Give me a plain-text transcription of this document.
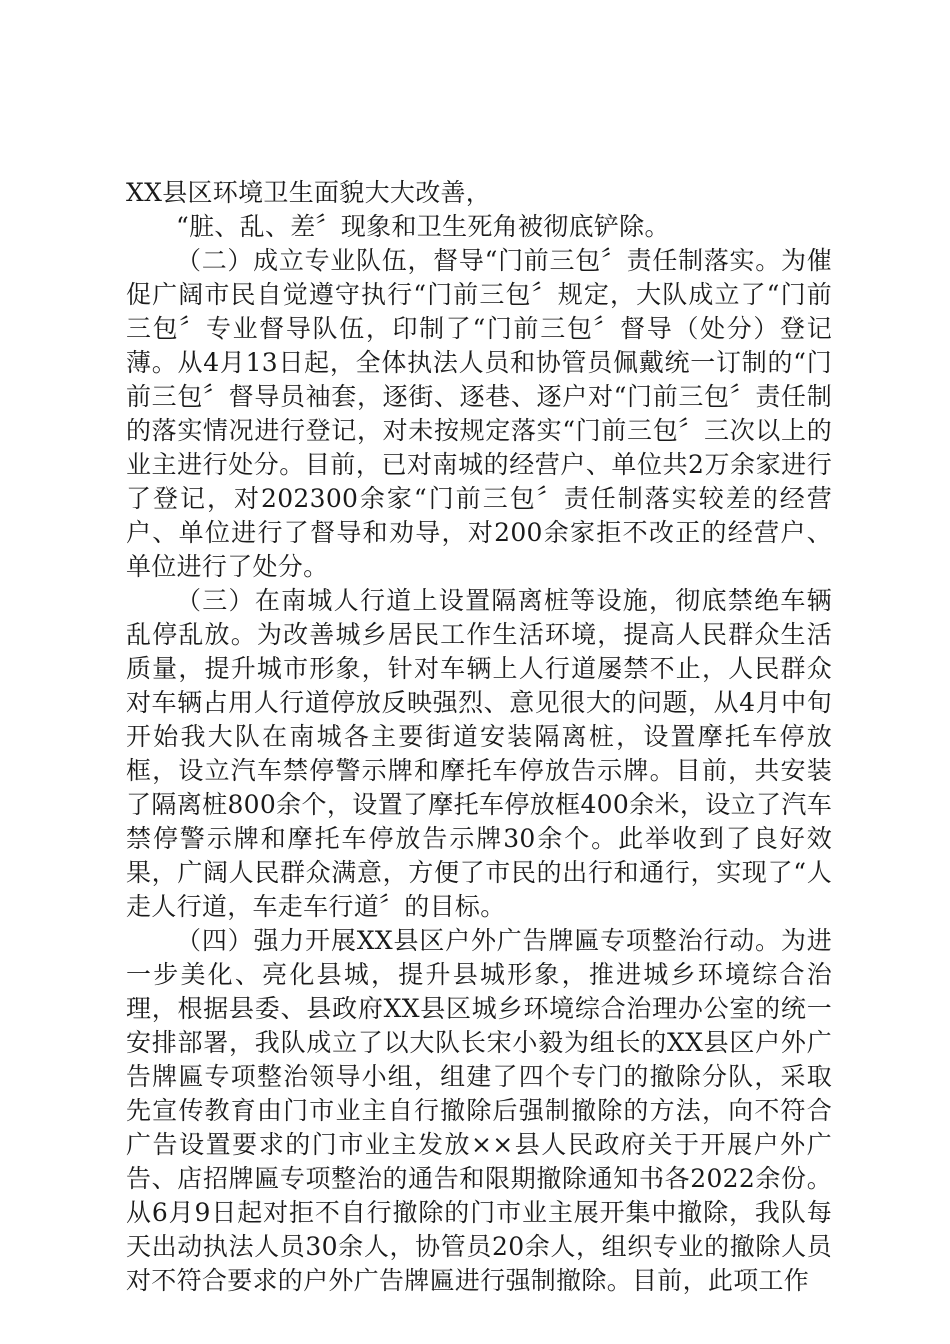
XX县区环境卫生面貌大大改善，

“脏、乱、差〞现象和卫生死角被彻底铲除。

（二）成立专业队伍，督导“门前三包〞责任制落实。为催促广阔市民自觉遵守执行“门前三包〞规定，大队成立了“门前三包〞专业督导队伍，印制了“门前三包〞督导（处分）登记薄。从4月13日起，全体执法人员和协管员佩戴统一订制的“门前三包〞督导员袖套，逐街、逐巷、逐户对“门前三包〞责任制的落实情况进行登记，对未按规定落实“门前三包〞三次以上的业主进行处分。目前，已对南城的经营户、单位共2万余家进行了登记，对202300余家“门前三包〞责任制落实较差的经营户、单位进行了督导和劝导，对200余家拒不改正的经营户、单位进行了处分。

（三）在南城人行道上设置隔离桩等设施，彻底禁绝车辆乱停乱放。为改善城乡居民工作生活环境，提高人民群众生活质量，提升城市形象，针对车辆上人行道屡禁不止，人民群众对车辆占用人行道停放反映强烈、意见很大的问题，从4月中旬开始我大队在南城各主要街道安装隔离桩，设置摩托车停放框，设立汽车禁停警示牌和摩托车停放告示牌。目前，共安装了隔离桩800余个，设置了摩托车停放框400余米，设立了汽车禁停警示牌和摩托车停放告示牌30余个。此举收到了良好效果，广阔人民群众满意，方便了市民的出行和通行，实现了“人走人行道，车走车行道〞的目标。

（四）强力开展XX县区户外广告牌匾专项整治行动。为进一步美化、亮化县城，提升县城形象，推进城乡环境综合治理，根据县委、县政府XX县区城乡环境综合治理办公室的统一安排部署，我队成立了以大队长宋小毅为组长的XX县区户外广告牌匾专项整治领导小组，组建了四个专门的撤除分队，采取先宣传教育由门市业主自行撤除后强制撤除的方法，向不符合广告设置要求的门市业主发放××县人民政府关于开展户外广告、店招牌匾专项整治的通告和限期撤除通知书各2022余份。从6月9日起对拒不自行撤除的门市业主展开集中撤除，我队每天出动执法人员30余人，协管员20余人，组织专业的撤除人员对不符合要求的户外广告牌匾进行强制撤除。目前，此项工作
